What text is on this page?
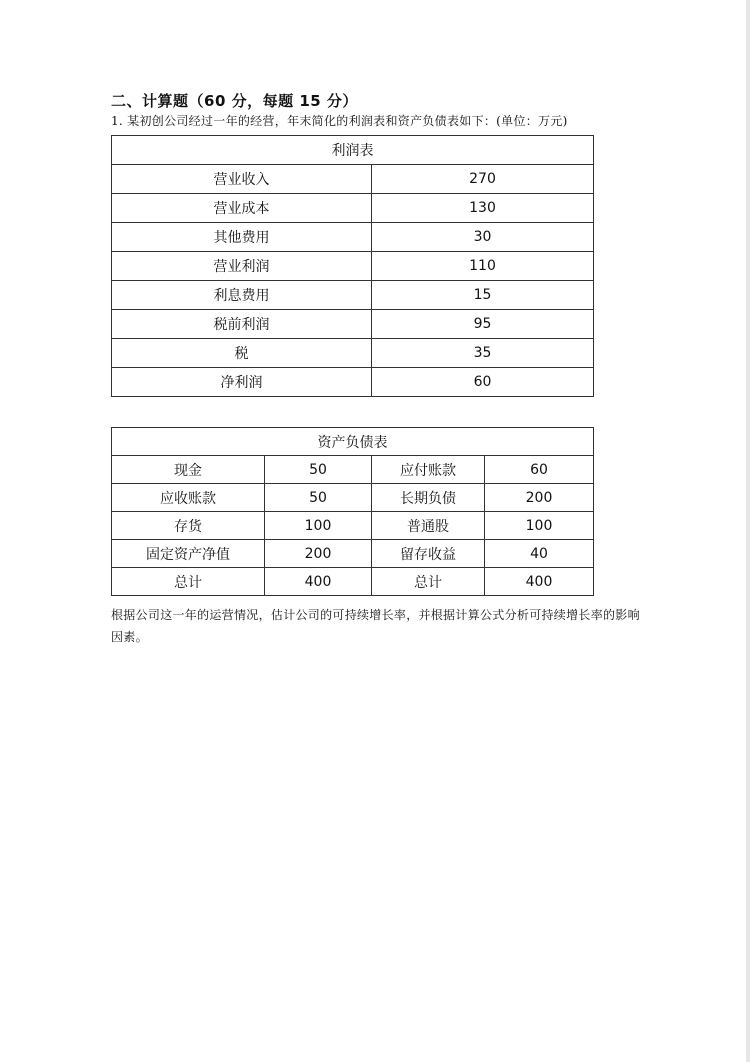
二、计算题（60 分，每题 15 分）
1. 某初创公司经过一年的经营，年末简化的利润表和资产负债表如下：(单位：万元)
利润表	
营业收入	270
营业成本	130
其他费用	30
营业利润	110
利息费用	15
税前利润	95
税	35
净利润	60
资产负债表			
现金	50	应付账款	60
应收账款	50	长期负债	200
存货	100	普通股	100
固定资产净值	200	留存收益	40
总计	400	总计	400
根据公司这一年的运营情况，估计公司的可持续增长率，并根据计算公式分析可持续增长率的影响因素。
